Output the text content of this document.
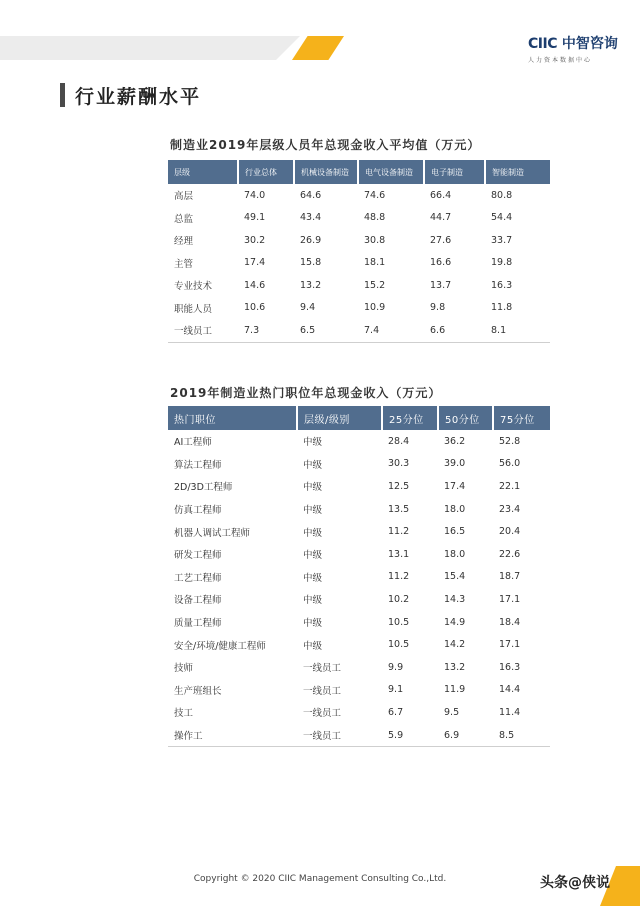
CIIC 中智咨询
人力资本数据中心
行业薪酬水平
制造业2019年层级人员年总现金收入平均值（万元）
层级	行业总体	机械设备制造	电气设备制造	电子制造	智能制造
高层	74.0	64.6	74.6	66.4	80.8
总监	49.1	43.4	48.8	44.7	54.4
经理	30.2	26.9	30.8	27.6	33.7
主管	17.4	15.8	18.1	16.6	19.8
专业技术	14.6	13.2	15.2	13.7	16.3
职能人员	10.6	9.4	10.9	9.8	11.8
一线员工	7.3	6.5	7.4	6.6	8.1
2019年制造业热门职位年总现金收入（万元）
热门职位	层级/级别	25分位	50分位	75分位
AI工程师	中级	28.4	36.2	52.8
算法工程师	中级	30.3	39.0	56.0
2D/3D工程师	中级	12.5	17.4	22.1
仿真工程师	中级	13.5	18.0	23.4
机器人调试工程师	中级	11.2	16.5	20.4
研发工程师	中级	13.1	18.0	22.6
工艺工程师	中级	11.2	15.4	18.7
设备工程师	中级	10.2	14.3	17.1
质量工程师	中级	10.5	14.9	18.4
安全/环境/健康工程师	中级	10.5	14.2	17.1
技师	一线员工	9.9	13.2	16.3
生产班组长	一线员工	9.1	11.9	14.4
技工	一线员工	6.7	9.5	11.4
操作工	一线员工	5.9	6.9	8.5
Copyright © 2020 CIIC Management Consulting Co.,Ltd.	头条@侠说
